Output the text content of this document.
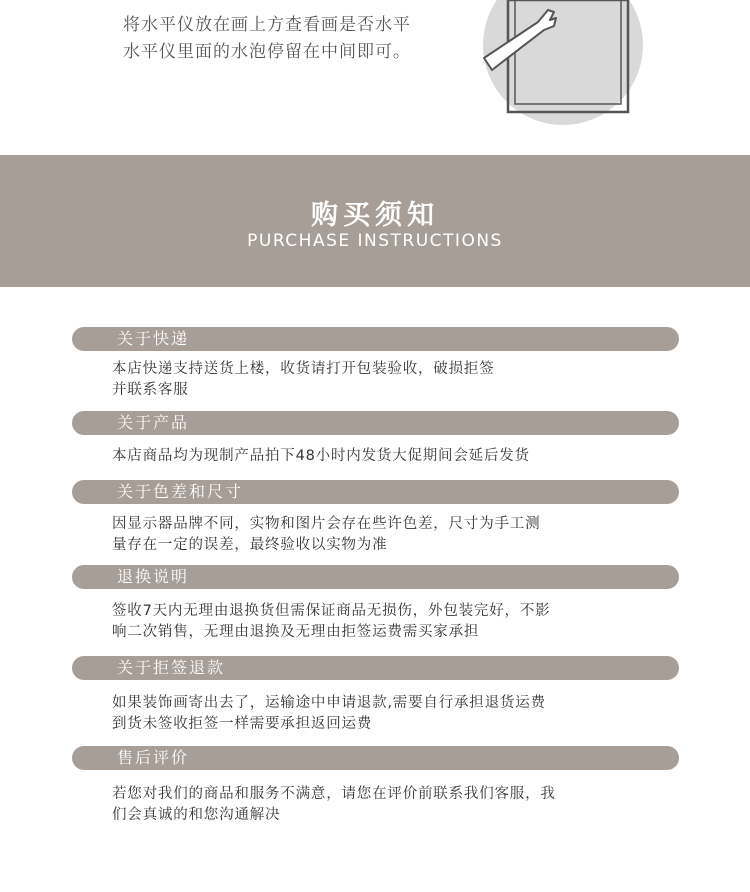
将水平仪放在画上方查看画是否水平
水平仪里面的水泡停留在中间即可。
购买须知
PURCHASE INSTRUCTIONS
关于快递
本店快递支持送货上楼，收货请打开包装验收，破损拒签
并联系客服
关于产品
本店商品均为现制产品拍下48小时内发货大促期间会延后发货
关于色差和尺寸
因显示器品牌不同，实物和图片会存在些许色差，尺寸为手工测
量存在一定的误差，最终验收以实物为准
退换说明
签收7天内无理由退换货但需保证商品无损伤，外包装完好，不影
响二次销售，无理由退换及无理由拒签运费需买家承担
关于拒签退款
如果装饰画寄出去了，运输途中申请退款,需要自行承担退货运费
到货未签收拒签一样需要承担返回运费
售后评价
若您对我们的商品和服务不满意，请您在评价前联系我们客服，我
们会真诚的和您沟通解决
